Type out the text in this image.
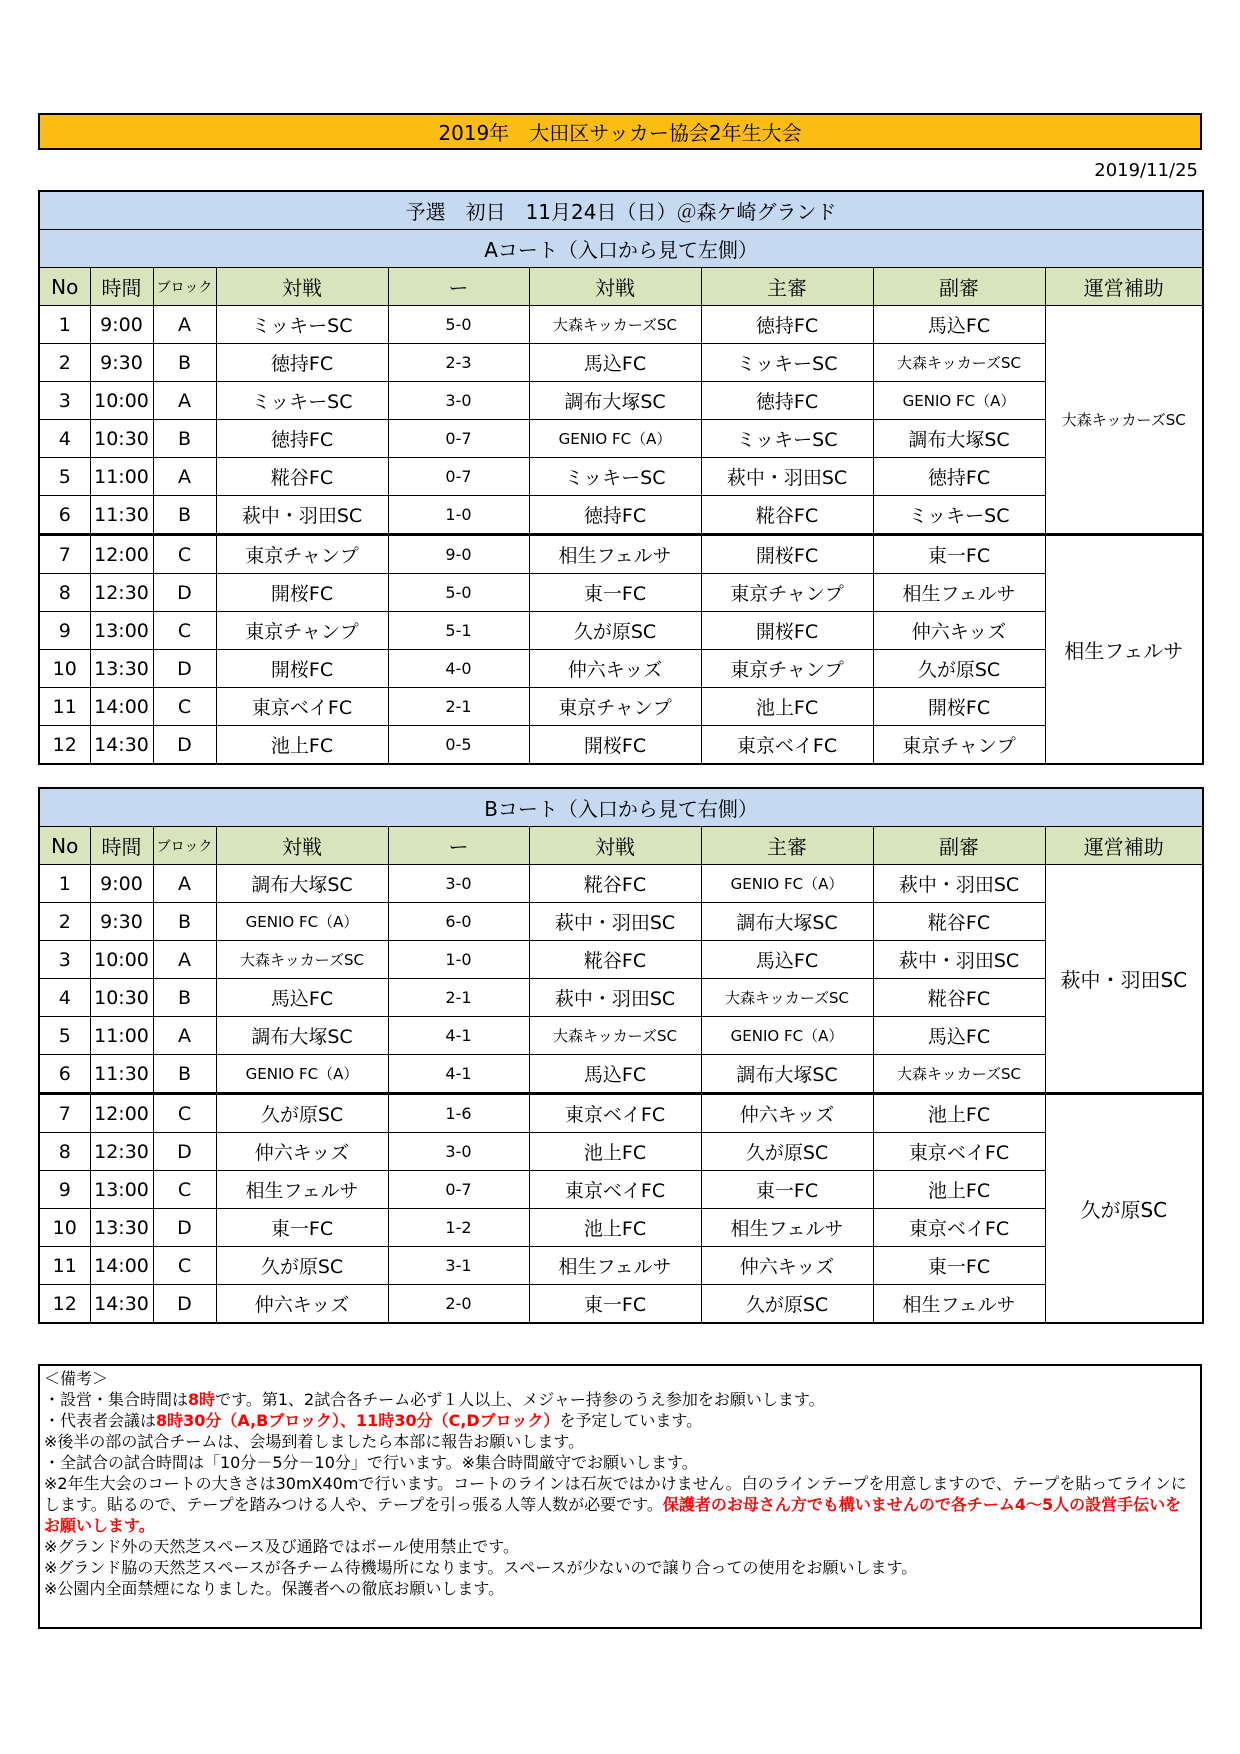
2019年　大田区サッカー協会2年生大会
2019/11/25
予選　初日　11月24日（日）＠森ケ崎グランド								
Aコート（入口から見て左側）								
No	時間	ブロック	対戦	ー	対戦	主審	副審	運営補助
1	9:00	A	ミッキーSC	5-0	大森キッカーズSC	徳持FC	馬込FC	大森キッカーズSC
2	9:30	B	徳持FC	2-3	馬込FC	ミッキーSC	大森キッカーズSC	
3	10:00	A	ミッキーSC	3-0	調布大塚SC	徳持FC	GENIO FC（A）	
4	10:30	B	徳持FC	0-7	GENIO FC（A）	ミッキーSC	調布大塚SC	
5	11:00	A	糀谷FC	0-7	ミッキーSC	萩中・羽田SC	徳持FC	
6	11:30	B	萩中・羽田SC	1-0	徳持FC	糀谷FC	ミッキーSC	
7	12:00	C	東京チャンプ	9-0	相生フェルサ	開桜FC	東一FC	相生フェルサ
8	12:30	D	開桜FC	5-0	東一FC	東京チャンプ	相生フェルサ	
9	13:00	C	東京チャンプ	5-1	久が原SC	開桜FC	仲六キッズ	
10	13:30	D	開桜FC	4-0	仲六キッズ	東京チャンプ	久が原SC	
11	14:00	C	東京ベイFC	2-1	東京チャンプ	池上FC	開桜FC	
12	14:30	D	池上FC	0-5	開桜FC	東京ベイFC	東京チャンプ	
Bコート（入口から見て右側）								
No	時間	ブロック	対戦	ー	対戦	主審	副審	運営補助
1	9:00	A	調布大塚SC	3-0	糀谷FC	GENIO FC（A）	萩中・羽田SC	萩中・羽田SC
2	9:30	B	GENIO FC（A）	6-0	萩中・羽田SC	調布大塚SC	糀谷FC	
3	10:00	A	大森キッカーズSC	1-0	糀谷FC	馬込FC	萩中・羽田SC	
4	10:30	B	馬込FC	2-1	萩中・羽田SC	大森キッカーズSC	糀谷FC	
5	11:00	A	調布大塚SC	4-1	大森キッカーズSC	GENIO FC（A）	馬込FC	
6	11:30	B	GENIO FC（A）	4-1	馬込FC	調布大塚SC	大森キッカーズSC	
7	12:00	C	久が原SC	1-6	東京ベイFC	仲六キッズ	池上FC	久が原SC
8	12:30	D	仲六キッズ	3-0	池上FC	久が原SC	東京ベイFC	
9	13:00	C	相生フェルサ	0-7	東京ベイFC	東一FC	池上FC	
10	13:30	D	東一FC	1-2	池上FC	相生フェルサ	東京ベイFC	
11	14:00	C	久が原SC	3-1	相生フェルサ	仲六キッズ	東一FC	
12	14:30	D	仲六キッズ	2-0	東一FC	久が原SC	相生フェルサ	
＜備考＞
・設営・集合時間は8時です。第1、2試合各チーム必ず１人以上、メジャー持参のうえ参加をお願いします。
・代表者会議は8時30分（A,Bブロック）、11時30分（C,Dブロック）を予定しています。
※後半の部の試合チームは、会場到着しましたら本部に報告お願いします。
・全試合の試合時間は「10分－5分－10分」で行います。※集合時間厳守でお願いします。
※2年生大会のコートの大きさは30mX40mで行います。コートのラインは石灰ではかけません。白のラインテープを用意しますので、テープを貼ってラインにします。貼るので、テープを踏みつける人や、テープを引っ張る人等人数が必要です。保護者のお母さん方でも構いませんので各チーム4～5人の設営手伝いをお願いします。
※グランド外の天然芝スペース及び通路ではボール使用禁止です。
※グランド脇の天然芝スペースが各チーム待機場所になります。スペースが少ないので譲り合っての使用をお願いします。
※公園内全面禁煙になりました。保護者への徹底お願いします。
